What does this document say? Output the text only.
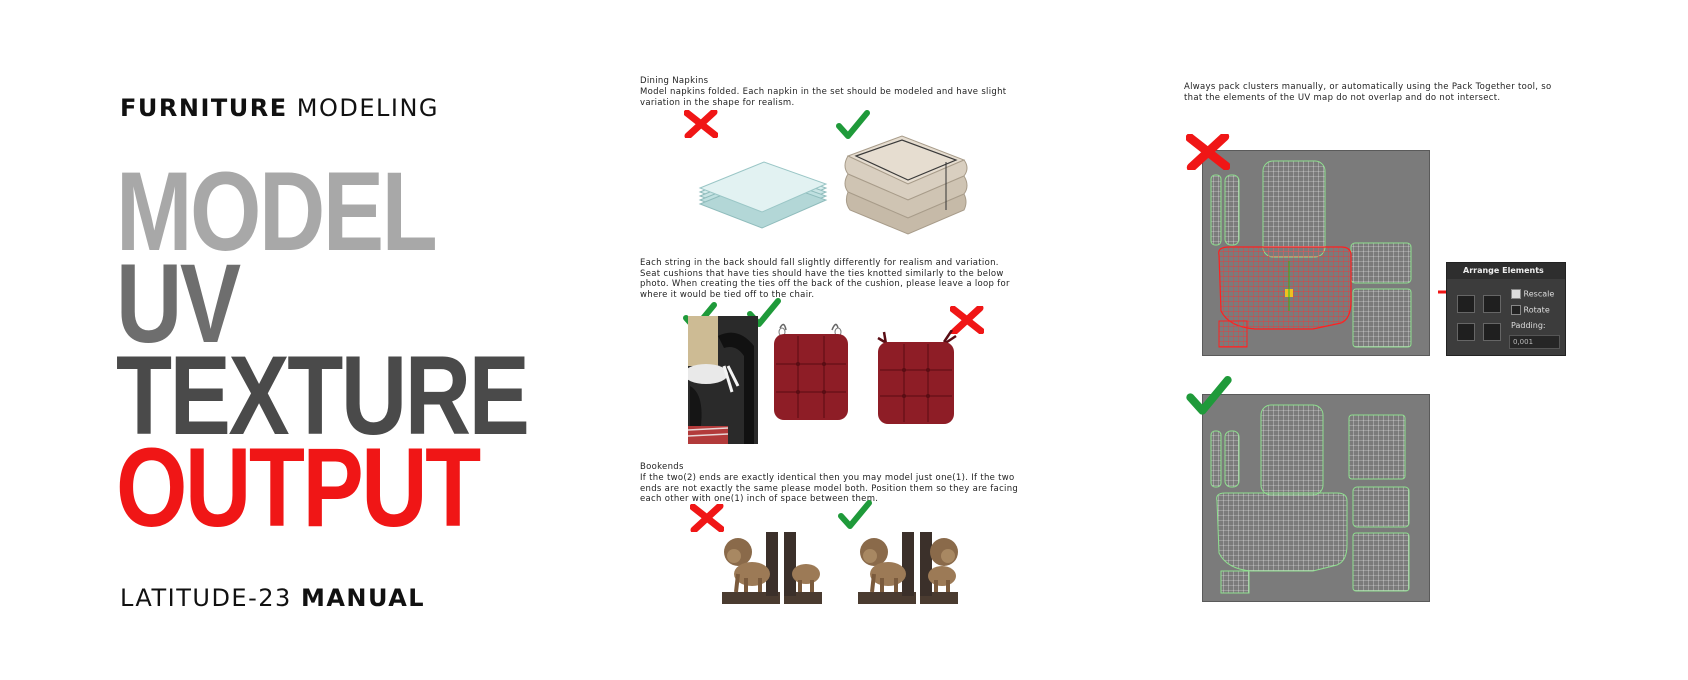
FURNITURE MODELING
MODEL
UV
TEXTURE
OUTPUT
LATITUDE-23 MANUAL
Dining Napkins
Model napkins folded. Each napkin in the set should be modeled and have slight variation in the shape for realism.
Each string in the back should fall slightly differently for realism and variation. Seat cushions that have ties should have the ties knotted similarly to the below photo. When creating the ties off the back of the cushion, please leave a loop for where it would be tied off to the chair.
Bookends
If the two(2) ends are exactly identical then you may model just one(1). If the two ends are not exactly the same please model both. Position them so they are facing each other with one(1) inch of space between them.
Always pack clusters manually, or automatically using the Pack Together tool, so that the elements of the UV map do not overlap and do not intersect.
Arrange Elements
Rescale
Rotate
Padding:
0,001
